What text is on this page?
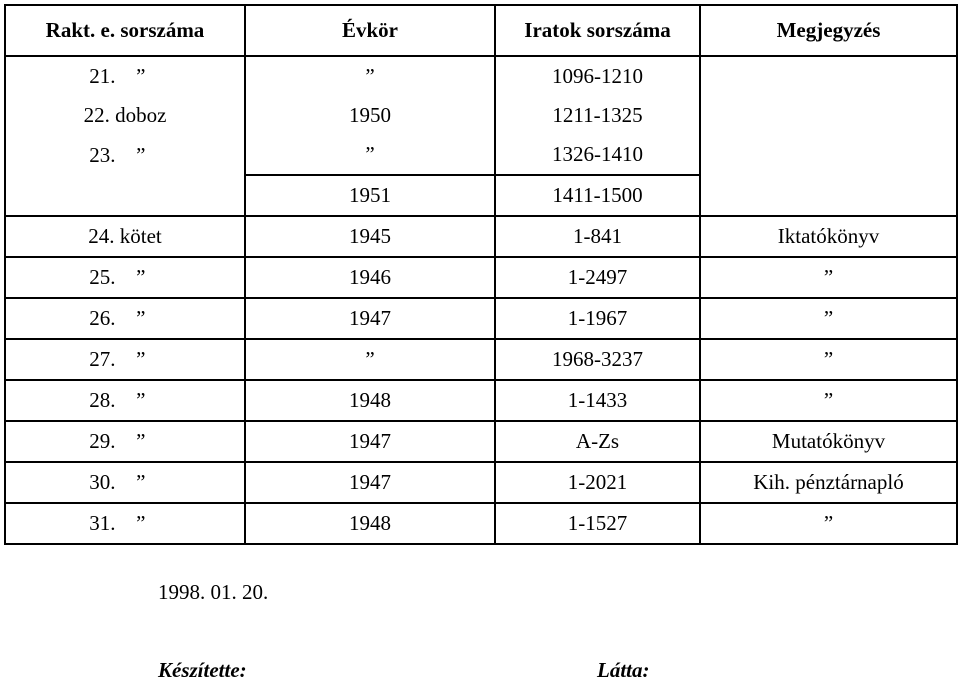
Rakt. e. sorszáma	Évkör	Iratok sorszáma	Megjegyzés
21. ”	”	1096-1210	
22. doboz	1950	1211-1325	
23. ”	”	1326-1410	
	1951	1411-1500	
24. kötet	1945	1-841	Iktatókönyv
25. ”	1946	1-2497	”
26. ”	1947	1-1967	”
27. ”	”	1968-3237	”
28. ”	1948	1-1433	”
29. ”	1947	A-Zs	Mutatókönyv
30. ”	1947	1-2021	Kih. pénztárnapló
31. ”	1948	1-1527	”
1998. 01. 20.
Készítette:	Látta:
